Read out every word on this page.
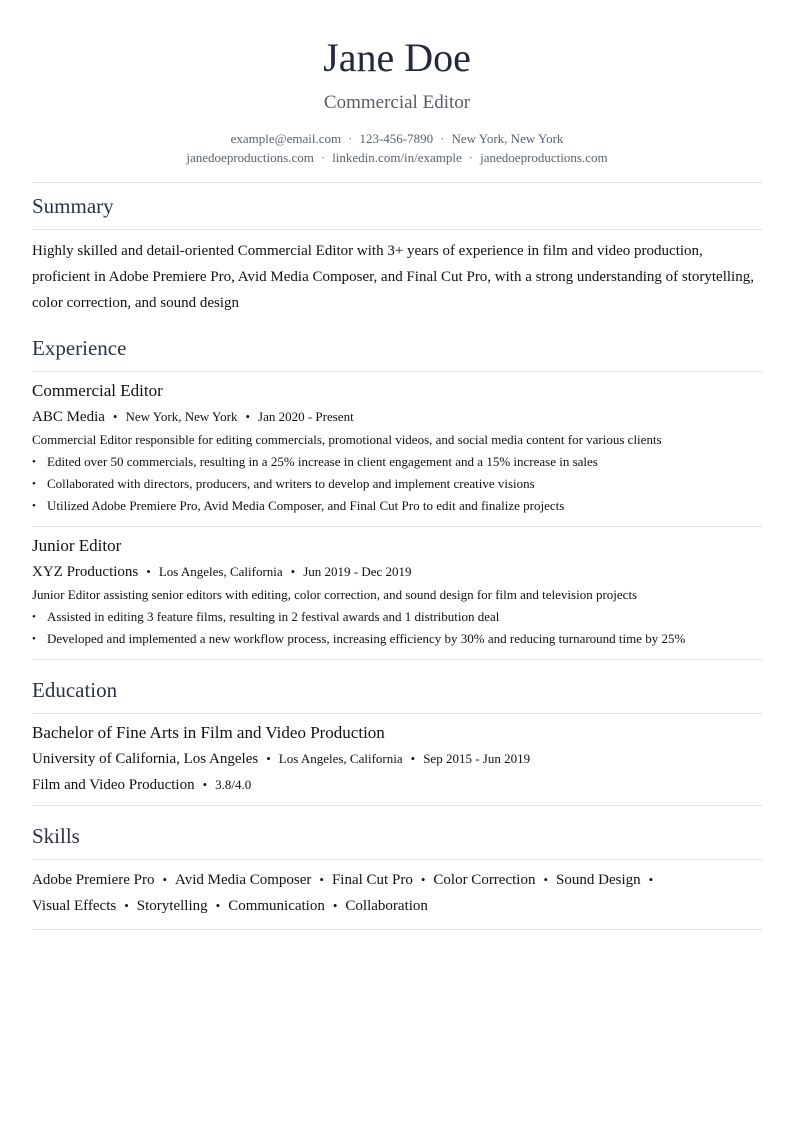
Jane Doe
Commercial Editor
example@email.com · 123-456-7890 · New York, New York
janedoeproductions.com · linkedin.com/in/example · janedoeproductions.com
Summary
Highly skilled and detail-oriented Commercial Editor with 3+ years of experience in film and video production, proficient in Adobe Premiere Pro, Avid Media Composer, and Final Cut Pro, with a strong understanding of storytelling, color correction, and sound design
Experience
Commercial Editor
ABC Media • New York, New York • Jan 2020 - Present
Commercial Editor responsible for editing commercials, promotional videos, and social media content for various clients
• Edited over 50 commercials, resulting in a 25% increase in client engagement and a 15% increase in sales
• Collaborated with directors, producers, and writers to develop and implement creative visions
• Utilized Adobe Premiere Pro, Avid Media Composer, and Final Cut Pro to edit and finalize projects
Junior Editor
XYZ Productions • Los Angeles, California • Jun 2019 - Dec 2019
Junior Editor assisting senior editors with editing, color correction, and sound design for film and television projects
• Assisted in editing 3 feature films, resulting in 2 festival awards and 1 distribution deal
• Developed and implemented a new workflow process, increasing efficiency by 30% and reducing turnaround time by 25%
Education
Bachelor of Fine Arts in Film and Video Production
University of California, Los Angeles • Los Angeles, California • Sep 2015 - Jun 2019
Film and Video Production • 3.8/4.0
Skills
Adobe Premiere Pro • Avid Media Composer • Final Cut Pro • Color Correction • Sound Design •
Visual Effects • Storytelling • Communication • Collaboration
